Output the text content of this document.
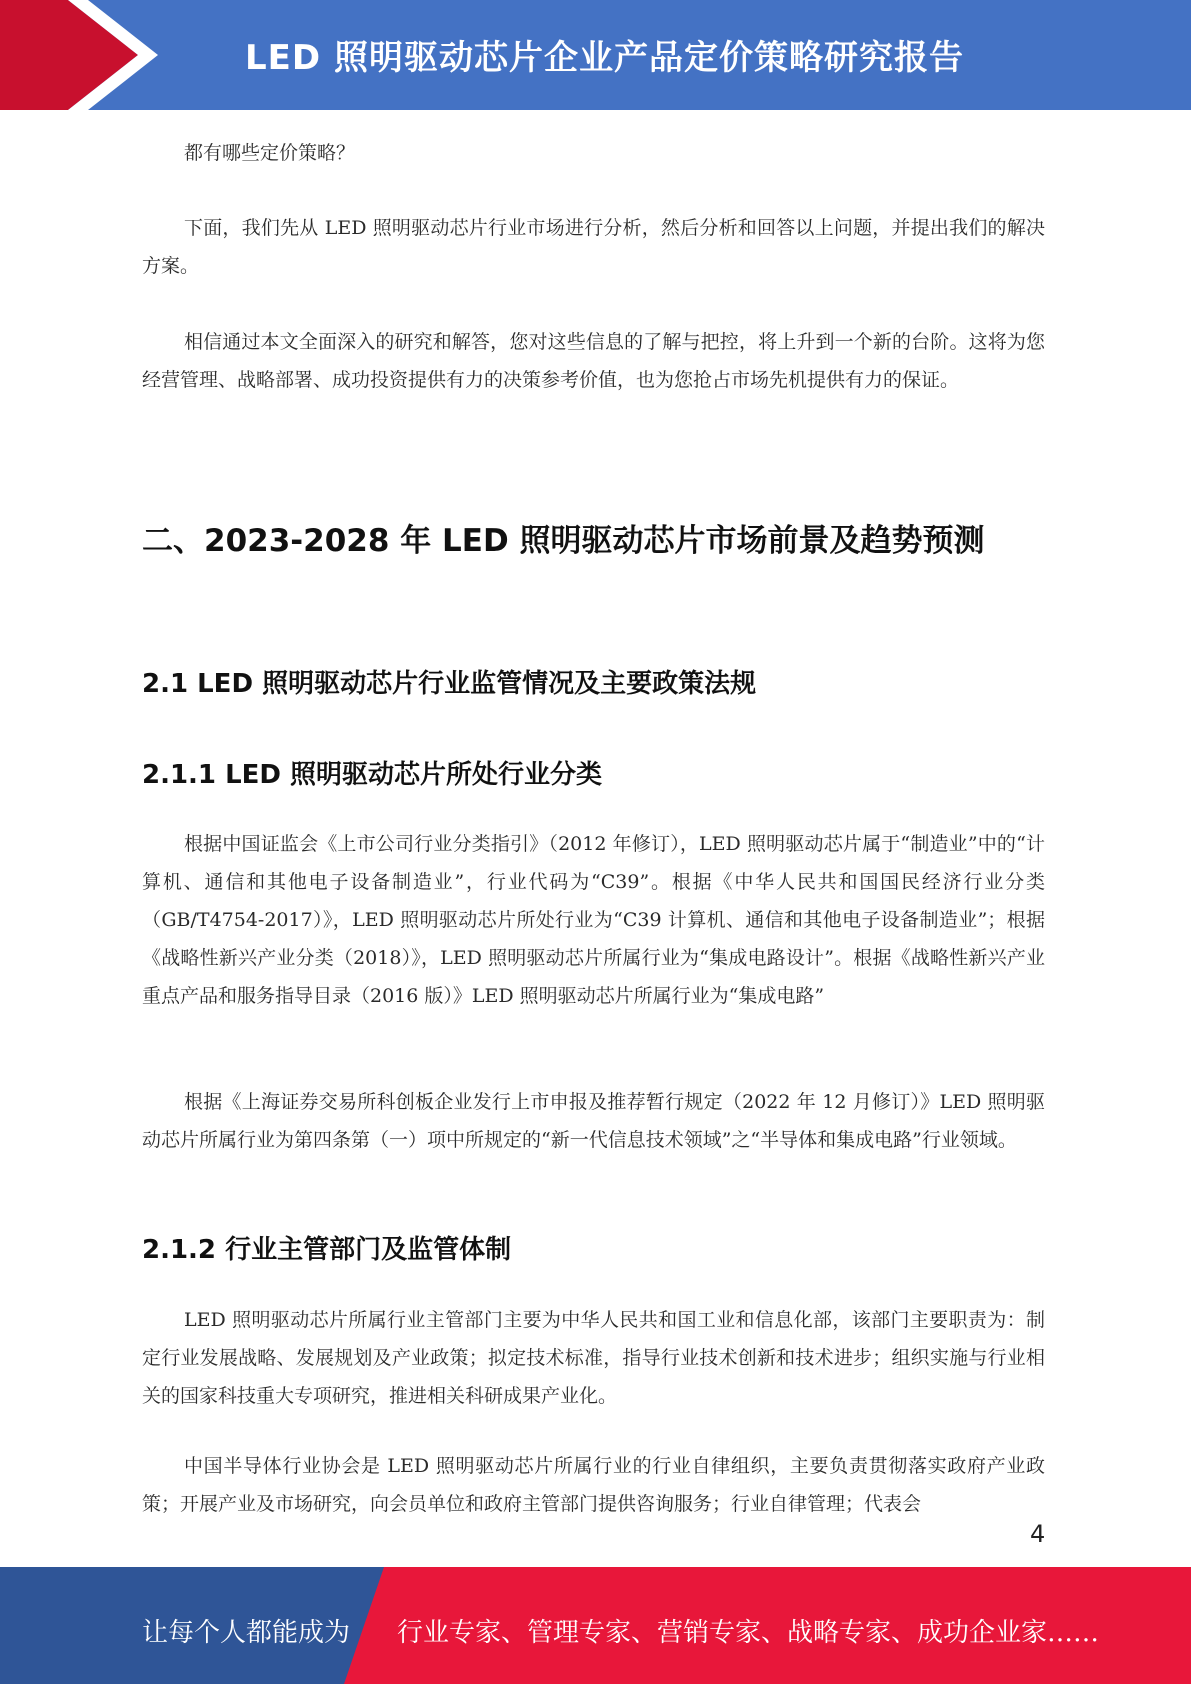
LED 照明驱动芯片企业产品定价策略研究报告

都有哪些定价策略？

下面，我们先从 LED 照明驱动芯片行业市场进行分析，然后分析和回答以上问题，并提出我们的解决方案。

相信通过本文全面深入的研究和解答，您对这些信息的了解与把控，将上升到一个新的台阶。这将为您经营管理、战略部署、成功投资提供有力的决策参考价值，也为您抢占市场先机提供有力的保证。

二、2023-2028 年 LED 照明驱动芯片市场前景及趋势预测
2.1 LED 照明驱动芯片行业监管情况及主要政策法规
2.1.1 LED 照明驱动芯片所处行业分类

根据中国证监会《上市公司行业分类指引》（2012 年修订），LED 照明驱动芯片属于“制造业”中的“计算机、通信和其他电子设备制造业”，行业代码为“C39”。根据《中华人民共和国国民经济行业分类（GB/T4754-2017）》，LED 照明驱动芯片所处行业为“C39 计算机、通信和其他电子设备制造业”；根据《战略性新兴产业分类（2018）》，LED 照明驱动芯片所属行业为“集成电路设计”。根据《战略性新兴产业重点产品和服务指导目录（2016 版）》LED 照明驱动芯片所属行业为“集成电路”

根据《上海证券交易所科创板企业发行上市申报及推荐暂行规定（2022 年 12 月修订）》LED 照明驱动芯片所属行业为第四条第（一）项中所规定的“新一代信息技术领域”之“半导体和集成电路”行业领域。

2.1.2 行业主管部门及监管体制

LED 照明驱动芯片所属行业主管部门主要为中华人民共和国工业和信息化部，该部门主要职责为：制定行业发展战略、发展规划及产业政策；拟定技术标准，指导行业技术创新和技术进步；组织实施与行业相关的国家科技重大专项研究，推进相关科研成果产业化。

中国半导体行业协会是 LED 照明驱动芯片所属行业的行业自律组织，主要负责贯彻落实政府产业政策；开展产业及市场研究，向会员单位和政府主管部门提供咨询服务；行业自律管理；代表会

4
让每个人都能成为 行业专家、管理专家、营销专家、战略专家、成功企业家……
